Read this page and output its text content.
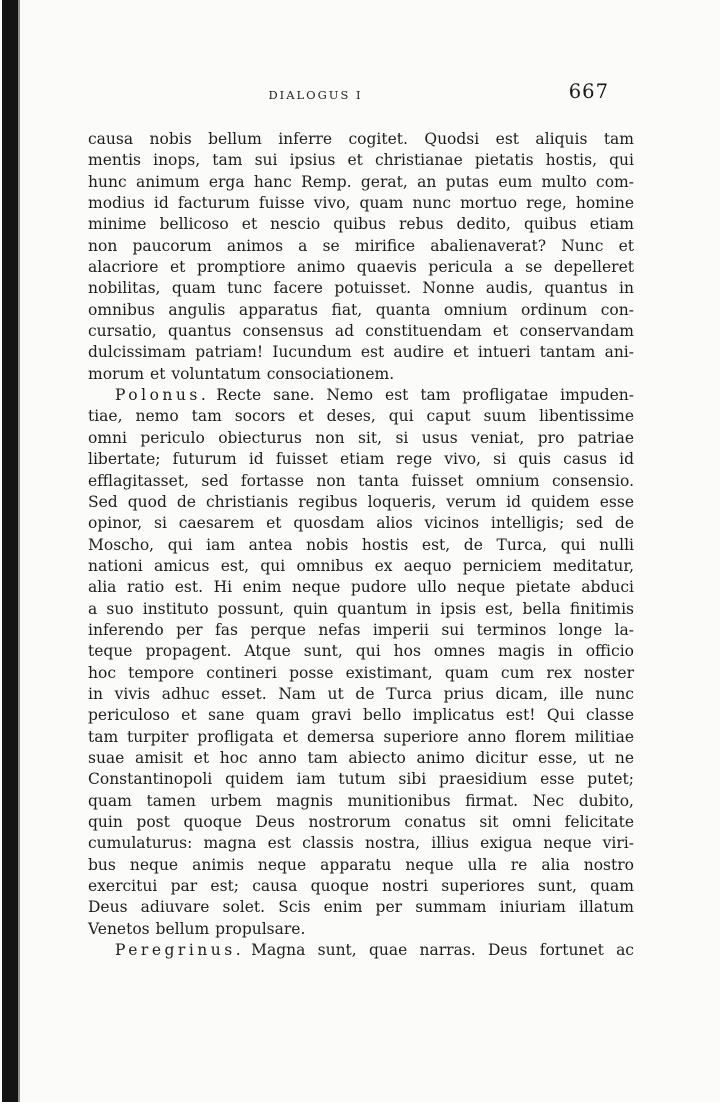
DIALOGUS I	667
causa nobis bellum inferre cogitet. Quodsi est aliquis tam
mentis inops, tam sui ipsius et christianae pietatis hostis, qui
hunc animum erga hanc Remp. gerat, an putas eum multo com-
modius id facturum fuisse vivo, quam nunc mortuo rege, homine
minime bellicoso et nescio quibus rebus dedito, quibus etiam
non paucorum animos a se mirifice abalienaverat? Nunc et
alacriore et promptiore animo quaevis pericula a se depelleret
nobilitas, quam tunc facere potuisset. Nonne audis, quantus in
omnibus angulis apparatus fiat, quanta omnium ordinum con-
cursatio, quantus consensus ad constituendam et conservandam
dulcissimam patriam! Iucundum est audire et intueri tantam ani-
morum et voluntatum consociationem.
Polonus. Recte sane. Nemo est tam profligatae impuden-
tiae, nemo tam socors et deses, qui caput suum libentissime
omni periculo obiecturus non sit, si usus veniat, pro patriae
libertate; futurum id fuisset etiam rege vivo, si quis casus id
efflagitasset, sed fortasse non tanta fuisset omnium consensio.
Sed quod de christianis regibus loqueris, verum id quidem esse
opinor, si caesarem et quosdam alios vicinos intelligis; sed de
Moscho, qui iam antea nobis hostis est, de Turca, qui nulli
nationi amicus est, qui omnibus ex aequo perniciem meditatur,
alia ratio est. Hi enim neque pudore ullo neque pietate abduci
a suo instituto possunt, quin quantum in ipsis est, bella finitimis
inferendo per fas perque nefas imperii sui terminos longe la-
teque propagent. Atque sunt, qui hos omnes magis in officio
hoc tempore contineri posse existimant, quam cum rex noster
in vivis adhuc esset. Nam ut de Turca prius dicam, ille nunc
periculoso et sane quam gravi bello implicatus est! Qui classe
tam turpiter profligata et demersa superiore anno florem militiae
suae amisit et hoc anno tam abiecto animo dicitur esse, ut ne
Constantinopoli quidem iam tutum sibi praesidium esse putet;
quam tamen urbem magnis munitionibus firmat. Nec dubito,
quin post quoque Deus nostrorum conatus sit omni felicitate
cumulaturus: magna est classis nostra, illius exigua neque viri-
bus neque animis neque apparatu neque ulla re alia nostro
exercitui par est; causa quoque nostri superiores sunt, quam
Deus adiuvare solet. Scis enim per summam iniuriam illatum
Venetos bellum propulsare.
Peregrinus. Magna sunt, quae narras. Deus fortunet ac
